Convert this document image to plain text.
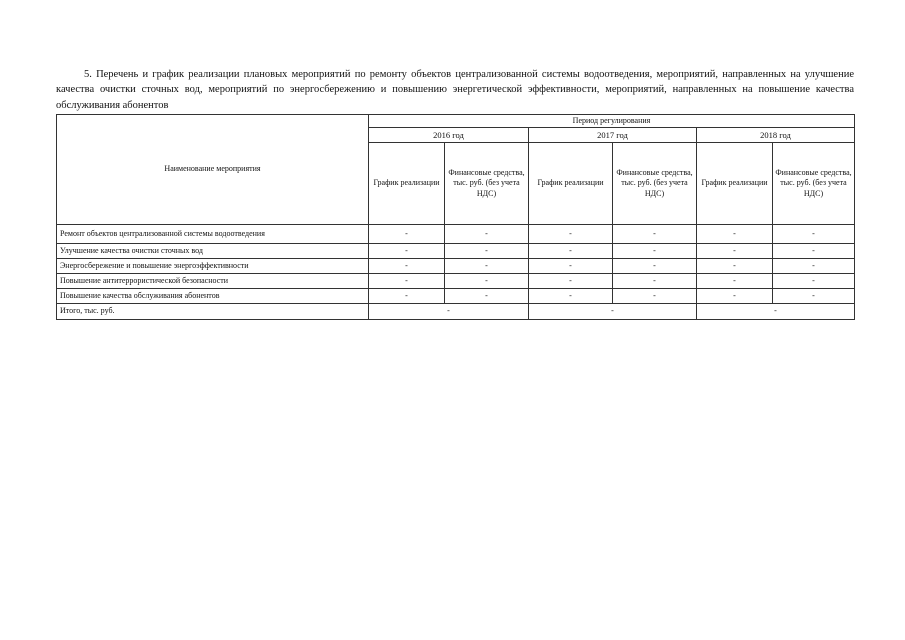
5. Перечень и график реализации плановых мероприятий по ремонту объектов централизованной системы водоотведения, мероприятий, направленных на улучшение качества очистки сточных вод, мероприятий по энергосбережению и повышению энергетической эффективности, мероприятий, направленных на повышение качества обслуживания абонентов

Наименование мероприятия	Период регулирования					
	2016 год		2017 год		2018 год	
	График реализации	Финансовые средства, тыс. руб. (без учета НДС)	График реализации	Финансовые средства, тыс. руб. (без учета НДС)	График реализации	Финансовые средства, тыс. руб. (без учета НДС)
Ремонт объектов централизованной системы водоотведения	-	-	-	-	-	-
Улучшение качества очистки сточных вод	-	-	-	-	-	-
Энергосбережение и повышение энергоэффективности	-	-	-	-	-	-
Повышение антитеррористической безопасности	-	-	-	-	-	-
Повышение качества обслуживания абонентов	-	-	-	-	-	-
Итого, тыс. руб.	-		-		-	
